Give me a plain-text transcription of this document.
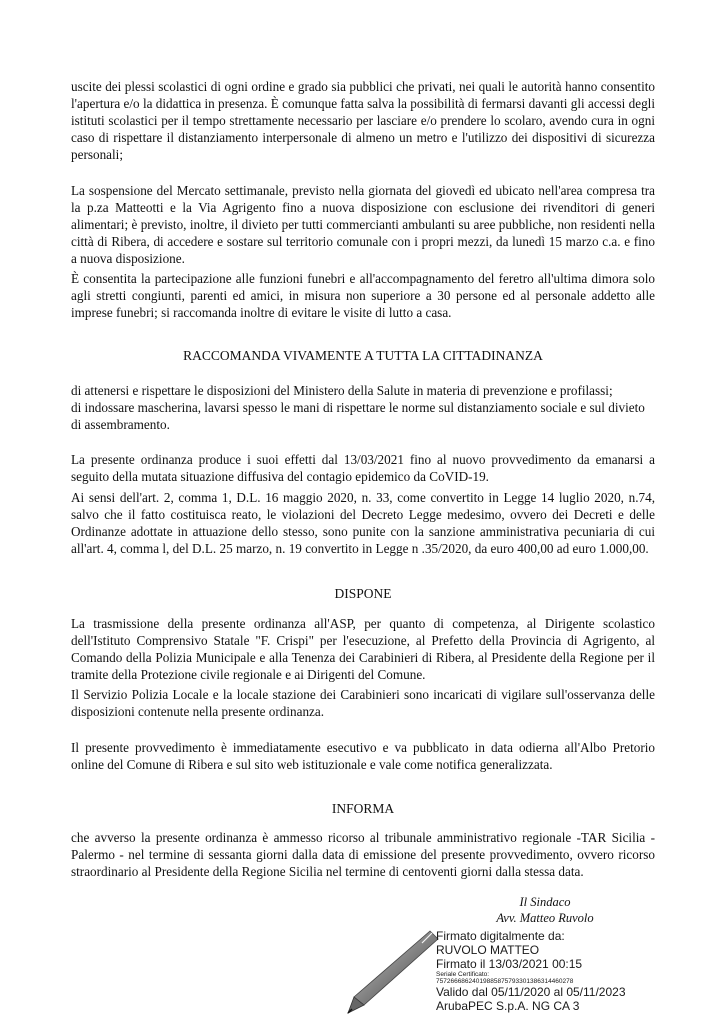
uscite dei plessi scolastici di ogni ordine e grado sia pubblici che privati, nei quali le autorità hanno consentito l'apertura e/o la didattica in presenza. È comunque fatta salva la possibilità di fermarsi davanti gli accessi degli istituti scolastici per il tempo strettamente necessario per lasciare e/o prendere lo scolaro, avendo cura in ogni caso di rispettare il distanziamento interpersonale di almeno un metro e l'utilizzo dei dispositivi di sicurezza personali;

La sospensione del Mercato settimanale, previsto nella giornata del giovedì ed ubicato nell'area compresa tra la p.za Matteotti e la Via Agrigento fino a nuova disposizione con esclusione dei rivenditori di generi alimentari; è previsto, inoltre, il divieto per tutti commercianti ambulanti su aree pubbliche, non residenti nella città di Ribera, di accedere e sostare sul territorio comunale con i propri mezzi, da lunedì 15 marzo c.a. e fino a nuova disposizione.

È consentita la partecipazione alle funzioni funebri e all'accompagnamento del feretro all'ultima dimora solo agli stretti congiunti, parenti ed amici, in misura non superiore a 30 persone ed al personale addetto alle imprese funebri; si raccomanda inoltre di evitare le visite di lutto a casa.

RACCOMANDA VIVAMENTE A TUTTA LA CITTADINANZA

di attenersi e rispettare le disposizioni del Ministero della Salute in materia di prevenzione e profilassi;

di indossare mascherina, lavarsi spesso le mani di rispettare le norme sul distanziamento sociale e sul divieto di assembramento.

La presente ordinanza produce i suoi effetti dal 13/03/2021 fino al nuovo provvedimento da emanarsi a seguito della mutata situazione diffusiva del contagio epidemico da CoVID-19.

Ai sensi dell'art. 2, comma 1, D.L. 16 maggio 2020, n. 33, come convertito in Legge 14 luglio 2020, n.74, salvo che il fatto costituisca reato, le violazioni del Decreto Legge medesimo, ovvero dei Decreti e delle Ordinanze adottate in attuazione dello stesso, sono punite con la sanzione amministrativa pecuniaria di cui all'art. 4, comma l, del D.L. 25 marzo, n. 19 convertito in Legge n .35/2020, da euro 400,00 ad euro 1.000,00.

DISPONE

La trasmissione della presente ordinanza all'ASP, per quanto di competenza, al Dirigente scolastico dell'Istituto Comprensivo Statale "F. Crispi" per l'esecuzione, al Prefetto della Provincia di Agrigento, al Comando della Polizia Municipale e alla Tenenza dei Carabinieri di Ribera, al Presidente della Regione per il tramite della Protezione civile regionale e ai Dirigenti del Comune.

Il Servizio Polizia Locale e la locale stazione dei Carabinieri sono incaricati di vigilare sull'osservanza delle disposizioni contenute nella presente ordinanza.

Il presente provvedimento è immediatamente esecutivo e va pubblicato in data odierna all'Albo Pretorio online del Comune di Ribera e sul sito web istituzionale e vale come notifica generalizzata.

INFORMA

che avverso la presente ordinanza è ammesso ricorso al tribunale amministrativo regionale -TAR Sicilia - Palermo - nel termine di sessanta giorni dalla data di emissione del presente provvedimento, ovvero ricorso straordinario al Presidente della Regione Sicilia nel termine di centoventi giorni dalla stessa data.

Il Sindaco
Avv. Matteo Ruvolo
Firmato digitalmente da:
RUVOLO MATTEO
Firmato il 13/03/2021 00:15
Seriale Certificato:
75726668624019885875793301386314460278
Valido dal 05/11/2020 al 05/11/2023
ArubaPEC S.p.A. NG CA 3
